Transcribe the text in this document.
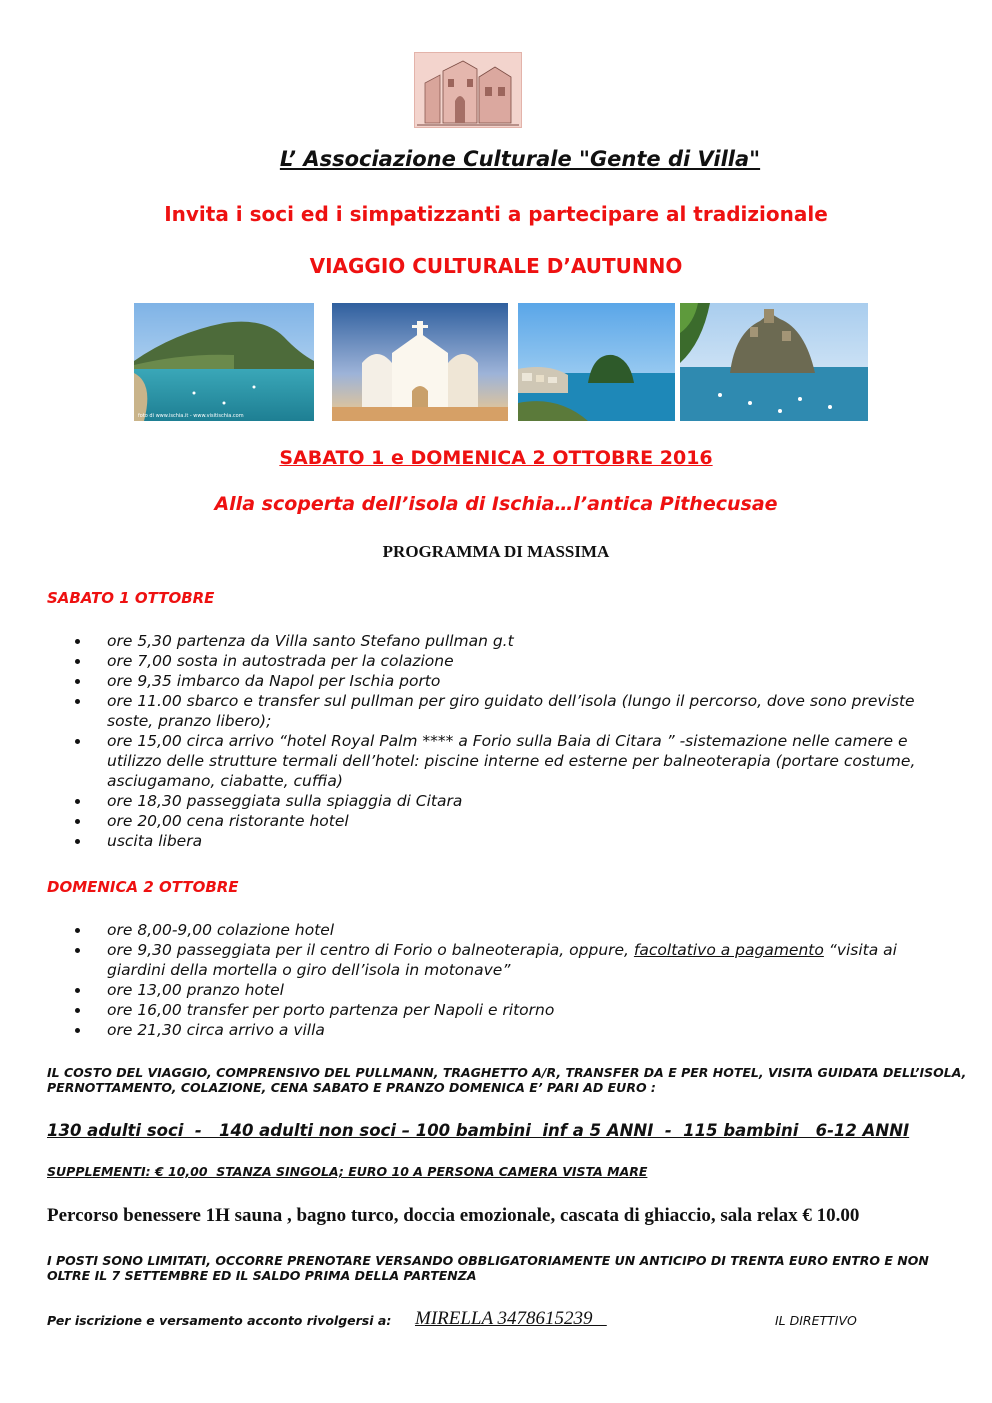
L’ Associazione Culturale "Gente di Villa"
Invita i soci ed i simpatizzanti a partecipare al tradizionale
VIAGGIO CULTURALE D’AUTUNNO
foto di www.ischia.it - www.visitischia.com
SABATO 1 e DOMENICA 2 OTTOBRE 2016
Alla scoperta dell’isola di Ischia…l’antica Pithecusae
PROGRAMMA DI MASSIMA
SABATO 1 OTTOBRE
ore 5,30 partenza da Villa santo Stefano pullman g.t
ore 7,00 sosta in autostrada per la colazione
ore 9,35 imbarco da Napol per Ischia porto
ore 11.00 sbarco e transfer sul pullman per giro guidato dell’isola (lungo il percorso, dove sono previste soste, pranzo libero);
ore 15,00 circa arrivo “hotel Royal Palm **** a Forio sulla Baia di Citara ” -sistemazione nelle camere e utilizzo delle strutture termali dell’hotel: piscine interne ed esterne per balneoterapia (portare costume, asciugamano, ciabatte, cuffia)
ore 18,30 passeggiata sulla spiaggia di Citara
ore 20,00 cena ristorante hotel
uscita libera
DOMENICA 2 OTTOBRE
ore 8,00-9,00 colazione hotel
ore 9,30 passeggiata per il centro di Forio o balneoterapia, oppure, facoltativo a pagamento “visita ai giardini della mortella o giro dell’isola in motonave”
ore 13,00 pranzo hotel
ore 16,00 transfer per porto partenza per Napoli e ritorno
ore 21,30 circa arrivo a villa
IL COSTO DEL VIAGGIO, COMPRENSIVO DEL PULLMANN, TRAGHETTO A/R, TRANSFER DA E PER HOTEL, VISITA GUIDATA DELL’ISOLA, PERNOTTAMENTO, COLAZIONE, CENA SABATO E PRANZO DOMENICA E’ PARI AD EURO :
130 adulti soci  -   140 adulti non soci – 100 bambini  inf a 5 ANNI  -  115 bambini   6-12 ANNI
SUPPLEMENTI: € 10,00  STANZA SINGOLA; EURO 10 A PERSONA CAMERA VISTA MARE
Percorso benessere 1H sauna , bagno turco, doccia emozionale, cascata di ghiaccio, sala relax € 10.00
I POSTI SONO LIMITATI, OCCORRE PRENOTARE VERSANDO OBBLIGATORIAMENTE UN ANTICIPO DI TRENTA EURO ENTRO E NON OLTRE IL 7 SETTEMBRE ED IL SALDO PRIMA DELLA PARTENZA
Per iscrizione e versamento acconto rivolgersi a: MIRELLA 3478615239	IL DIRETTIVO
